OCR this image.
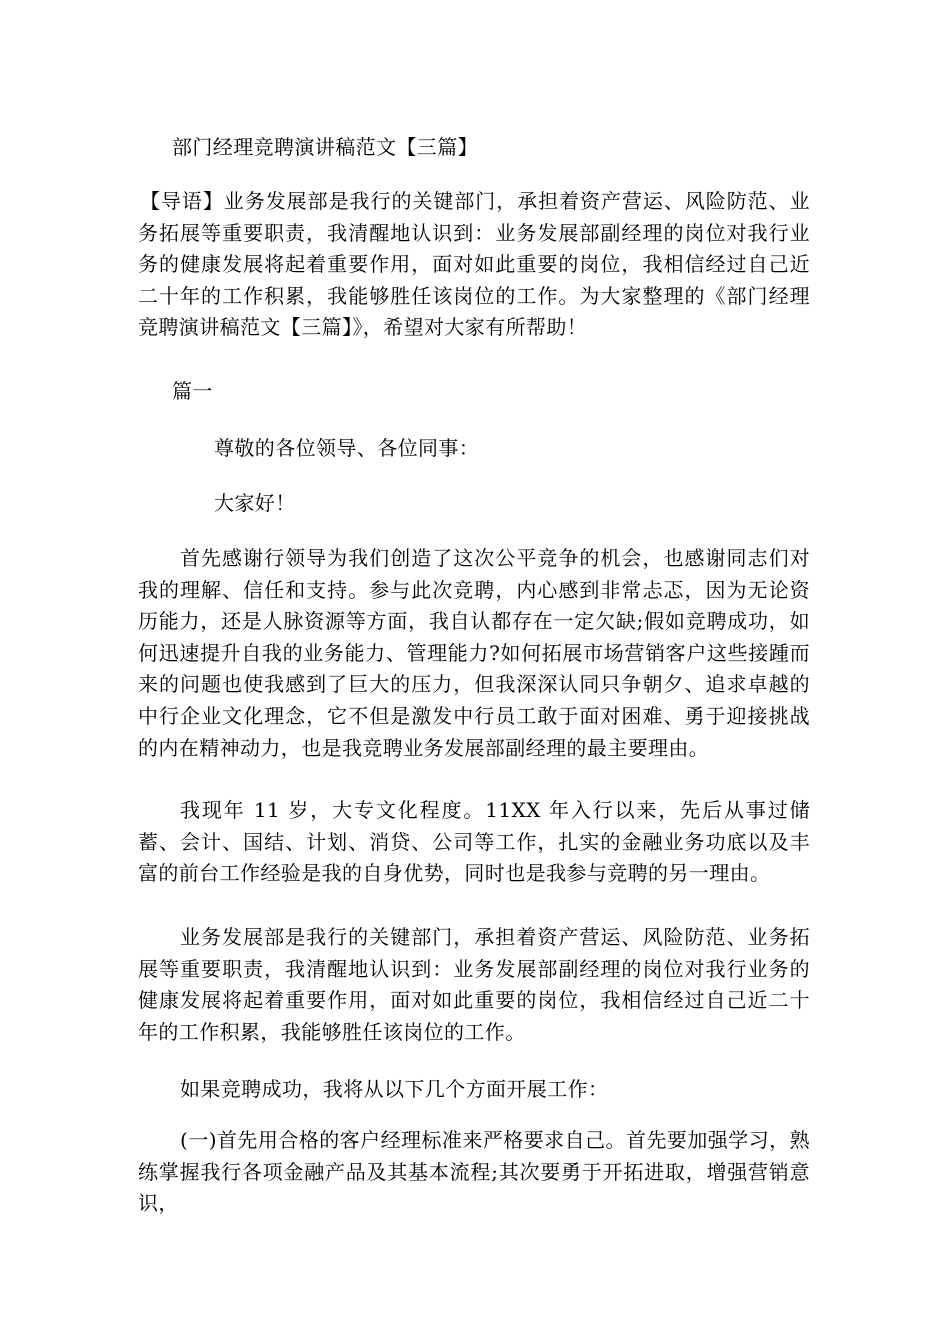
部门经理竞聘演讲稿范文【三篇】
【导语】业务发展部是我行的关键部门，承担着资产营运、风险防范、业务拓展等重要职责，我清醒地认识到：业务发展部副经理的岗位对我行业务的健康发展将起着重要作用，面对如此重要的岗位，我相信经过自己近二十年的工作积累，我能够胜任该岗位的工作。为大家整理的《部门经理竞聘演讲稿范文【三篇】》，希望对大家有所帮助！
篇一
尊敬的各位领导、各位同事：
大家好！
首先感谢行领导为我们创造了这次公平竞争的机会，也感谢同志们对我的理解、信任和支持。参与此次竞聘，内心感到非常忐忑，因为无论资历能力，还是人脉资源等方面，我自认都存在一定欠缺;假如竞聘成功，如何迅速提升自我的业务能力、管理能力?如何拓展市场营销客户这些接踵而来的问题也使我感到了巨大的压力，但我深深认同只争朝夕、追求卓越的中行企业文化理念，它不但是激发中行员工敢于面对困难、勇于迎接挑战的内在精神动力，也是我竞聘业务发展部副经理的最主要理由。
我现年 11 岁，大专文化程度。11XX 年入行以来，先后从事过储蓄、会计、国结、计划、消贷、公司等工作，扎实的金融业务功底以及丰富的前台工作经验是我的自身优势，同时也是我参与竞聘的另一理由。
业务发展部是我行的关键部门，承担着资产营运、风险防范、业务拓展等重要职责，我清醒地认识到：业务发展部副经理的岗位对我行业务的健康发展将起着重要作用，面对如此重要的岗位，我相信经过自己近二十年的工作积累，我能够胜任该岗位的工作。
如果竞聘成功，我将从以下几个方面开展工作：
(一)首先用合格的客户经理标准来严格要求自己。首先要加强学习，熟练掌握我行各项金融产品及其基本流程;其次要勇于开拓进取，增强营销意识，
